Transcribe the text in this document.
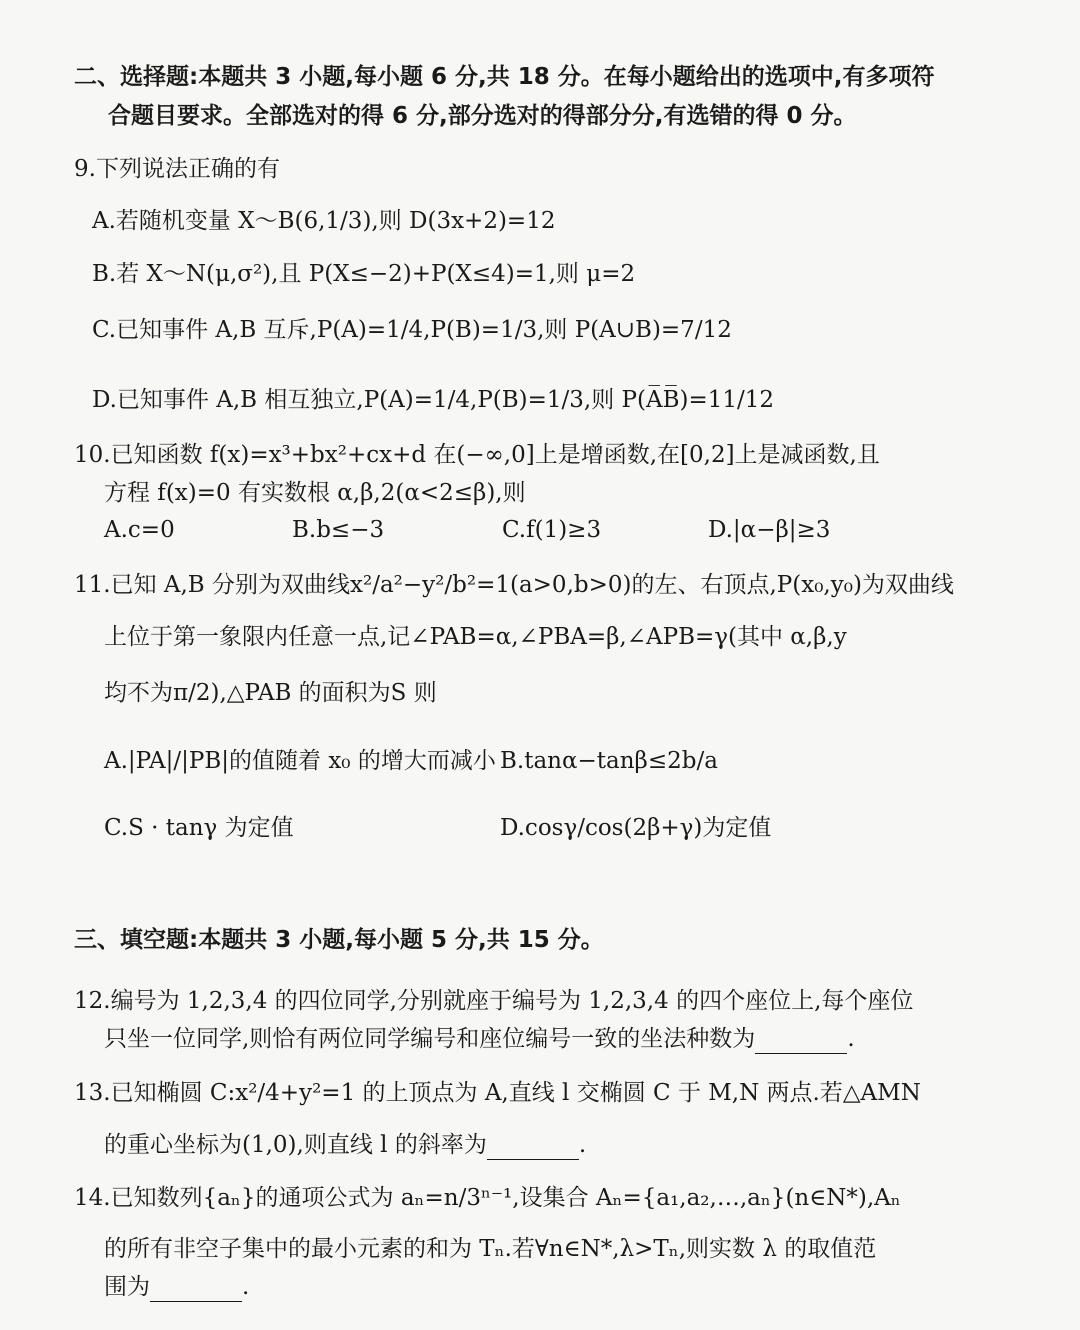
二、选择题:本题共 3 小题,每小题 6 分,共 18 分。在每小题给出的选项中,有多项符
合题目要求。全部选对的得 6 分,部分选对的得部分分,有选错的得 0 分。
9.下列说法正确的有
A.若随机变量 X～B(6,1/3),则 D(3x+2)=12
B.若 X～N(μ,σ²),且 P(X≤−2)+P(X≤4)=1,则 μ=2
C.已知事件 A,B 互斥,P(A)=1/4,P(B)=1/3,则 P(A∪B)=7/12
D.已知事件 A,B 相互独立,P(A)=1/4,P(B)=1/3,则 P(A̅B̅)=11/12
10.已知函数 f(x)=x³+bx²+cx+d 在(−∞,0]上是增函数,在[0,2]上是减函数,且
方程 f(x)=0 有实数根 α,β,2(α<2≤β),则
A.c=0	B.b≤−3	C.f(1)≥3	D.|α−β|≥3
11.已知 A,B 分别为双曲线x²/a²−y²/b²=1(a>0,b>0)的左、右顶点,P(x₀,y₀)为双曲线
上位于第一象限内任意一点,记∠PAB=α,∠PBA=β,∠APB=γ(其中 α,β,y
均不为π/2),△PAB 的面积为S 则
A.|PA|/|PB|的值随着 x₀ 的增大而减小 B.tanα−tanβ≤2b/a
C.S · tanγ 为定值	D.cosγ/cos(2β+γ)为定值
三、填空题:本题共 3 小题,每小题 5 分,共 15 分。
12.编号为 1,2,3,4 的四位同学,分别就座于编号为 1,2,3,4 的四个座位上,每个座位
只坐一位同学,则恰有两位同学编号和座位编号一致的坐法种数为	.
13.已知椭圆 C:x²/4+y²=1 的上顶点为 A,直线 l 交椭圆 C 于 M,N 两点.若△AMN
的重心坐标为(1,0),则直线 l 的斜率为	.
14.已知数列{aₙ}的通项公式为 aₙ=n/3ⁿ⁻¹,设集合 Aₙ={a₁,a₂,…,aₙ}(n∈N*),Aₙ
的所有非空子集中的最小元素的和为 Tₙ.若∀n∈N*,λ>Tₙ,则实数 λ 的取值范
围为	.
